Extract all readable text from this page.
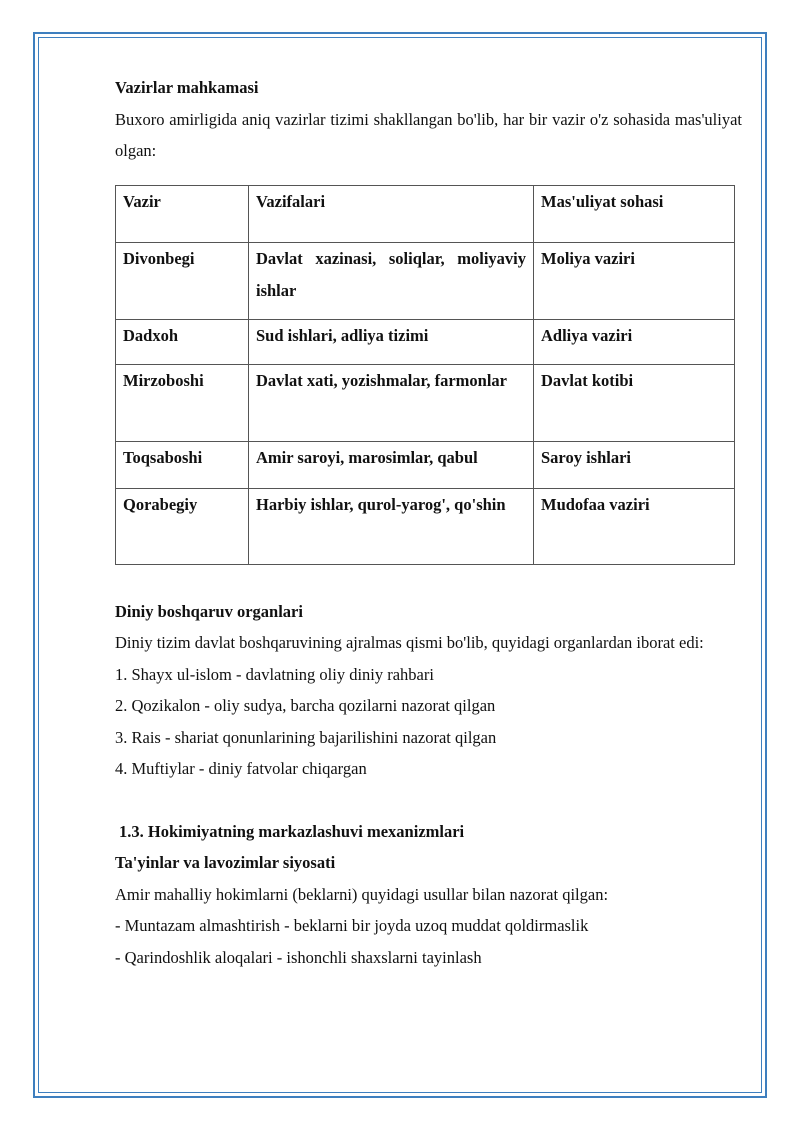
Vazirlar mahkamasi

Buxoro amirligida aniq vazirlar tizimi shakllangan bo'lib, har bir vazir o'z sohasida mas'uliyat olgan:

Vazir	Vazifalari	Mas'uliyat sohasi
Divonbegi	Davlat xazinasi, soliqlar, moliyaviy ishlar	Moliya vaziri
Dadxoh	Sud ishlari, adliya tizimi	Adliya vaziri
Mirzoboshi	Davlat xati, yozishmalar, farmonlar	Davlat kotibi
Toqsaboshi	Amir saroyi, marosimlar, qabul	Saroy ishlari
Qorabegiy	Harbiy ishlar, qurol-yarog', qo'shin	Mudofaa vaziri

Diniy boshqaruv organlari

Diniy tizim davlat boshqaruvining ajralmas qismi bo'lib, quyidagi organlardan iborat edi:

1. Shayx ul-islom - davlatning oliy diniy rahbari

2. Qozikalon - oliy sudya, barcha qozilarni nazorat qilgan

3. Rais - shariat qonunlarining bajarilishini nazorat qilgan

4. Muftiylar - diniy fatvolar chiqargan

1.3. Hokimiyatning markazlashuvi mexanizmlari

Ta'yinlar va lavozimlar siyosati

Amir mahalliy hokimlarni (beklarni) quyidagi usullar bilan nazorat qilgan:

- Muntazam almashtirish - beklarni bir joyda uzoq muddat qoldirmaslik

- Qarindoshlik aloqalari - ishonchli shaxslarni tayinlash
